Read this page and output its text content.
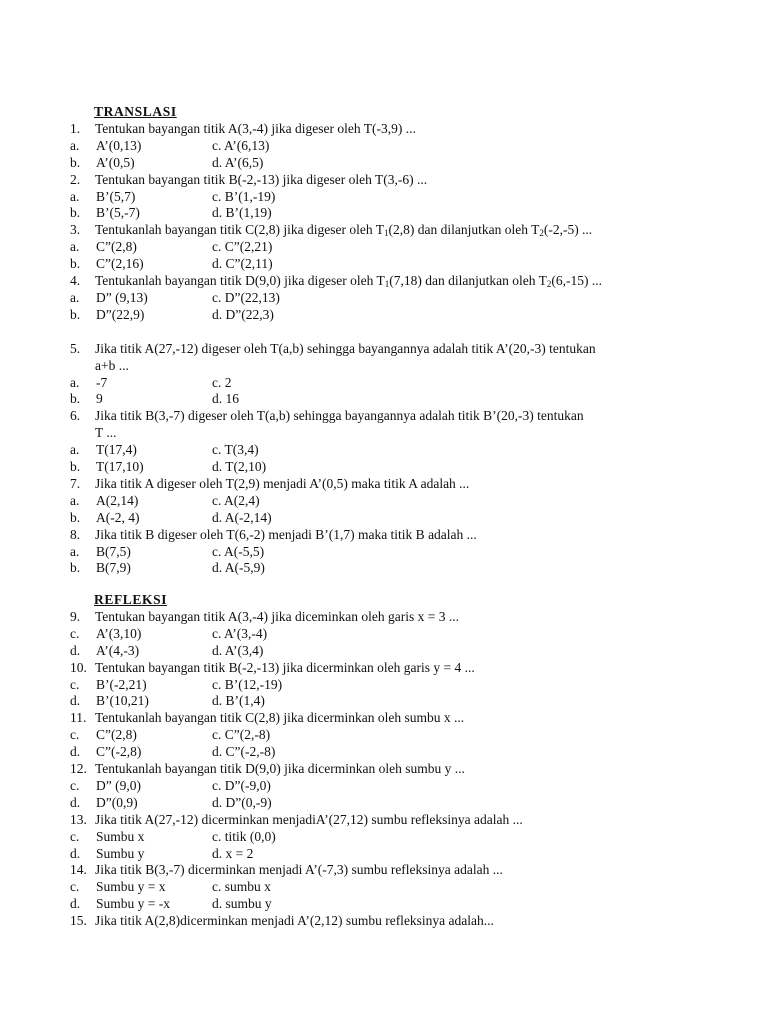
TRANSLASI
1.	Tentukan bayangan titik A(3,-4) jika digeser oleh T(-3,9) ...
a.	A’(0,13)	c. A’(6,13)
b.	A’(0,5)	d. A’(6,5)
2.	Tentukan bayangan titik B(-2,-13) jika digeser oleh T(3,-6) ...
a.	B’(5,7)	c. B’(1,-19)
b.	B’(5,-7)	d. B’(1,19)
3.	Tentukanlah bayangan titik C(2,8) jika digeser oleh $T_1(2,8)$ dan dilanjutkan oleh $T_2(-2,-5)$ ...
a.	C”(2,8)	c. C”(2,21)
b.	C”(2,16)	d. C”(2,11)
4.	Tentukanlah bayangan titik D(9,0) jika digeser oleh $T_1(7,18)$ dan dilanjutkan oleh $T_2(6,-15)$ ...
a.	D” (9,13)	c. D”(22,13)
b.	D”(22,9)	d. D”(22,3)
5.	Jika titik A(27,-12) digeser oleh T(a,b) sehingga bayangannya adalah titik A’(20,-3) tentukan
a+b ...
a.	-7	c. 2
b.	9	d. 16
6.	Jika titik B(3,-7) digeser oleh T(a,b) sehingga bayangannya adalah titik B’(20,-3) tentukan
T ...
a.	T(17,4)	c. T(3,4)
b.	T(17,10)	d. T(2,10)
7.	Jika titik A digeser oleh T(2,9) menjadi A’(0,5) maka titik A adalah ...
a.	A(2,14)	c. A(2,4)
b.	A(-2, 4)	d. A(-2,14)
8.	Jika titik B digeser oleh T(6,-2) menjadi B’(1,7) maka titik B adalah ...
a.	B(7,5)	c. A(-5,5)
b.	B(7,9)	d. A(-5,9)
REFLEKSI
9.	Tentukan bayangan titik A(3,-4) jika diceminkan oleh garis x = 3 ...
c.	A’(3,10)	c. A’(3,-4)
d.	A’(4,-3)	d. A’(3,4)
10. Tentukan bayangan titik B(-2,-13) jika dicerminkan oleh garis y = 4 ...
c.	B’(-2,21)	c. B’(12,-19)
d.	B’(10,21)	d. B’(1,4)
11. Tentukanlah bayangan titik C(2,8) jika dicerminkan oleh sumbu x ...
c.	C”(2,8)	c. C”(2,-8)
d.	C”(-2,8)	d. C”(-2,-8)
12. Tentukanlah bayangan titik D(9,0) jika dicerminkan oleh sumbu y ...
c.	D” (9,0)	c. D”(-9,0)
d.	D”(0,9)	d. D”(0,-9)
13. Jika titik A(27,-12) dicerminkan menjadiA’(27,12) sumbu refleksinya adalah ...
c.	Sumbu x	c. titik (0,0)
d.	Sumbu y	d. x = 2
14. Jika titik B(3,-7) dicerminkan menjadi A’(-7,3) sumbu refleksinya adalah ...
c.	Sumbu y = x	c. sumbu x
d.	Sumbu y = -x	d. sumbu y
15. Jika titik A(2,8)dicerminkan menjadi A’(2,12) sumbu refleksinya adalah...
